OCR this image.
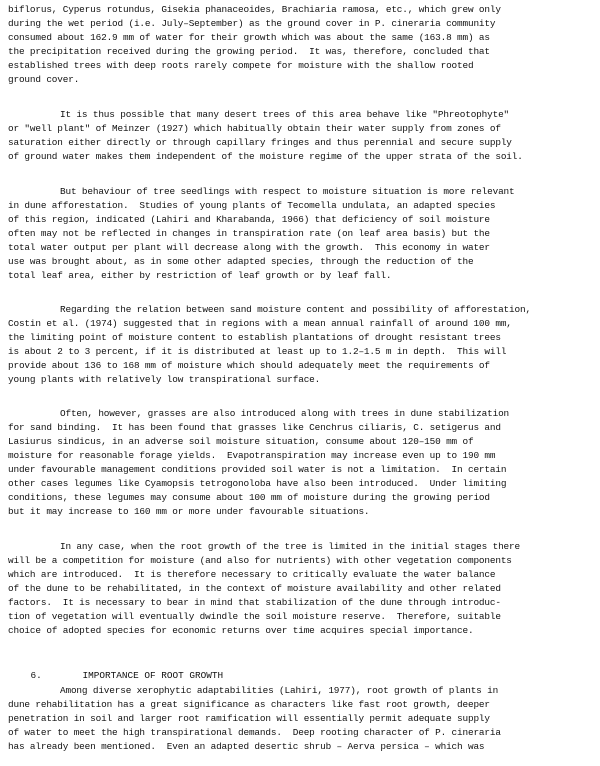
biflorus, Cyperus rotundus, Gisekia phanaceoides, Brachiaria ramosa, etc., which grew only
during the wet period (i.e. July–September) as the ground cover in P. cineraria community
consumed about 162.9 mm of water for their growth which was about the same (163.8 mm) as
the precipitation received during the growing period.  It was, therefore, concluded that
established trees with deep roots rarely compete for moisture with the shallow rooted
ground cover.
It is thus possible that many desert trees of this area behave like "Phreotophyte"
or "well plant" of Meinzer (1927) which habitually obtain their water supply from zones of
saturation either directly or through capillary fringes and thus perennial and secure supply
of ground water makes them independent of the moisture regime of the upper strata of the soil.
But behaviour of tree seedlings with respect to moisture situation is more relevant
in dune afforestation.  Studies of young plants of Tecomella undulata, an adapted species
of this region, indicated (Lahiri and Kharabanda, 1966) that deficiency of soil moisture
often may not be reflected in changes in transpiration rate (on leaf area basis) but the
total water output per plant will decrease along with the growth.  This economy in water
use was brought about, as in some other adapted species, through the reduction of the
total leaf area, either by restriction of leaf growth or by leaf fall.
Regarding the relation between sand moisture content and possibility of afforestation,
Costin et al. (1974) suggested that in regions with a mean annual rainfall of around 100 mm,
the limiting point of moisture content to establish plantations of drought resistant trees
is about 2 to 3 percent, if it is distributed at least up to 1.2–1.5 m in depth.  This will
provide about 136 to 168 mm of moisture which should adequately meet the requirements of
young plants with relatively low transpirational surface.
Often, however, grasses are also introduced along with trees in dune stabilization
for sand binding.  It has been found that grasses like Cenchrus ciliaris, C. setigerus and
Lasiurus sindicus, in an adverse soil moisture situation, consume about 120–150 mm of
moisture for reasonable forage yields.  Evapotranspiration may increase even up to 190 mm
under favourable management conditions provided soil water is not a limitation.  In certain
other cases legumes like Cyamopsis tetrogonoloba have also been introduced.  Under limiting
conditions, these legumes may consume about 100 mm of moisture during the growing period
but it may increase to 160 mm or more under favourable situations.
In any case, when the root growth of the tree is limited in the initial stages there
will be a competition for moisture (and also for nutrients) with other vegetation components
which are introduced.  It is therefore necessary to critically evaluate the water balance
of the dune to be rehabilitated, in the context of moisture availability and other related
factors.  It is necessary to bear in mind that stabilization of the dune through introduc-
tion of vegetation will eventually dwindle the soil moisture reserve.  Therefore, suitable
choice of adopted species for economic returns over time acquires special importance.

6.	IMPORTANCE OF ROOT GROWTH

Among diverse xerophytic adaptabilities (Lahiri, 1977), root growth of plants in
dune rehabilitation has a great significance as characters like fast root growth, deeper
penetration in soil and larger root ramification will essentially permit adequate supply
of water to meet the high transpirational demands.  Deep rooting character of P. cineraria
has already been mentioned.  Even an adapted desertic shrub – Aerva persica – which was
